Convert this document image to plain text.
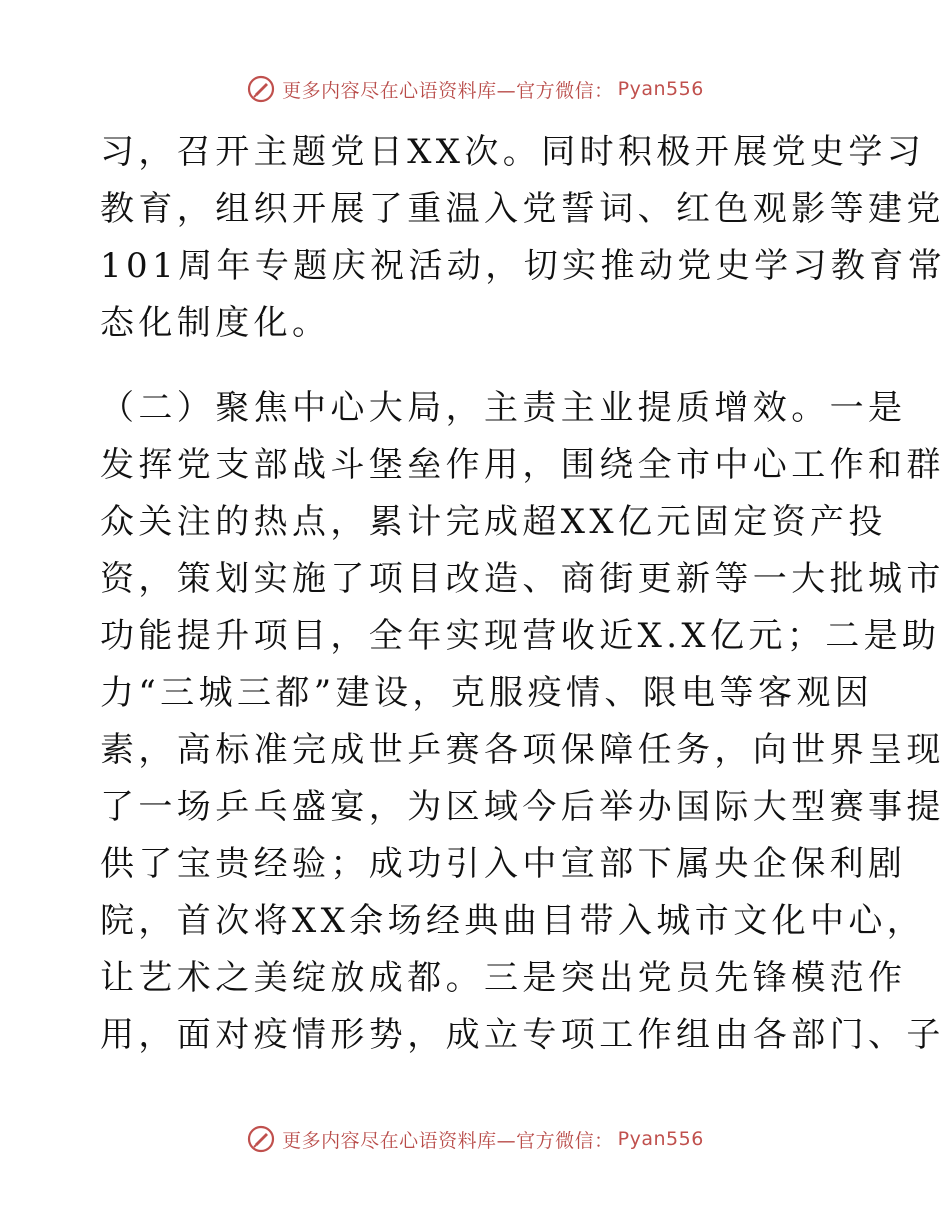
更多内容尽在心语资料库—官方微信： Pyan556
习，召开主题党日XX次。同时积极开展党史学习
教育，组织开展了重温入党誓词、红色观影等建党
101周年专题庆祝活动，切实推动党史学习教育常
态化制度化。
（二）聚焦中心大局，主责主业提质增效。一是
发挥党支部战斗堡垒作用，围绕全市中心工作和群
众关注的热点，累计完成超XX亿元固定资产投
资，策划实施了项目改造、商街更新等一大批城市
功能提升项目，全年实现营收近X.X亿元；二是助
力“三城三都”建设，克服疫情、限电等客观因
素，高标准完成世乒赛各项保障任务，向世界呈现
了一场乒乓盛宴，为区域今后举办国际大型赛事提
供了宝贵经验；成功引入中宣部下属央企保利剧
院，首次将XX余场经典曲目带入城市文化中心，
让艺术之美绽放成都。三是突出党员先锋模范作
用，面对疫情形势，成立专项工作组由各部门、子
更多内容尽在心语资料库—官方微信： Pyan556
